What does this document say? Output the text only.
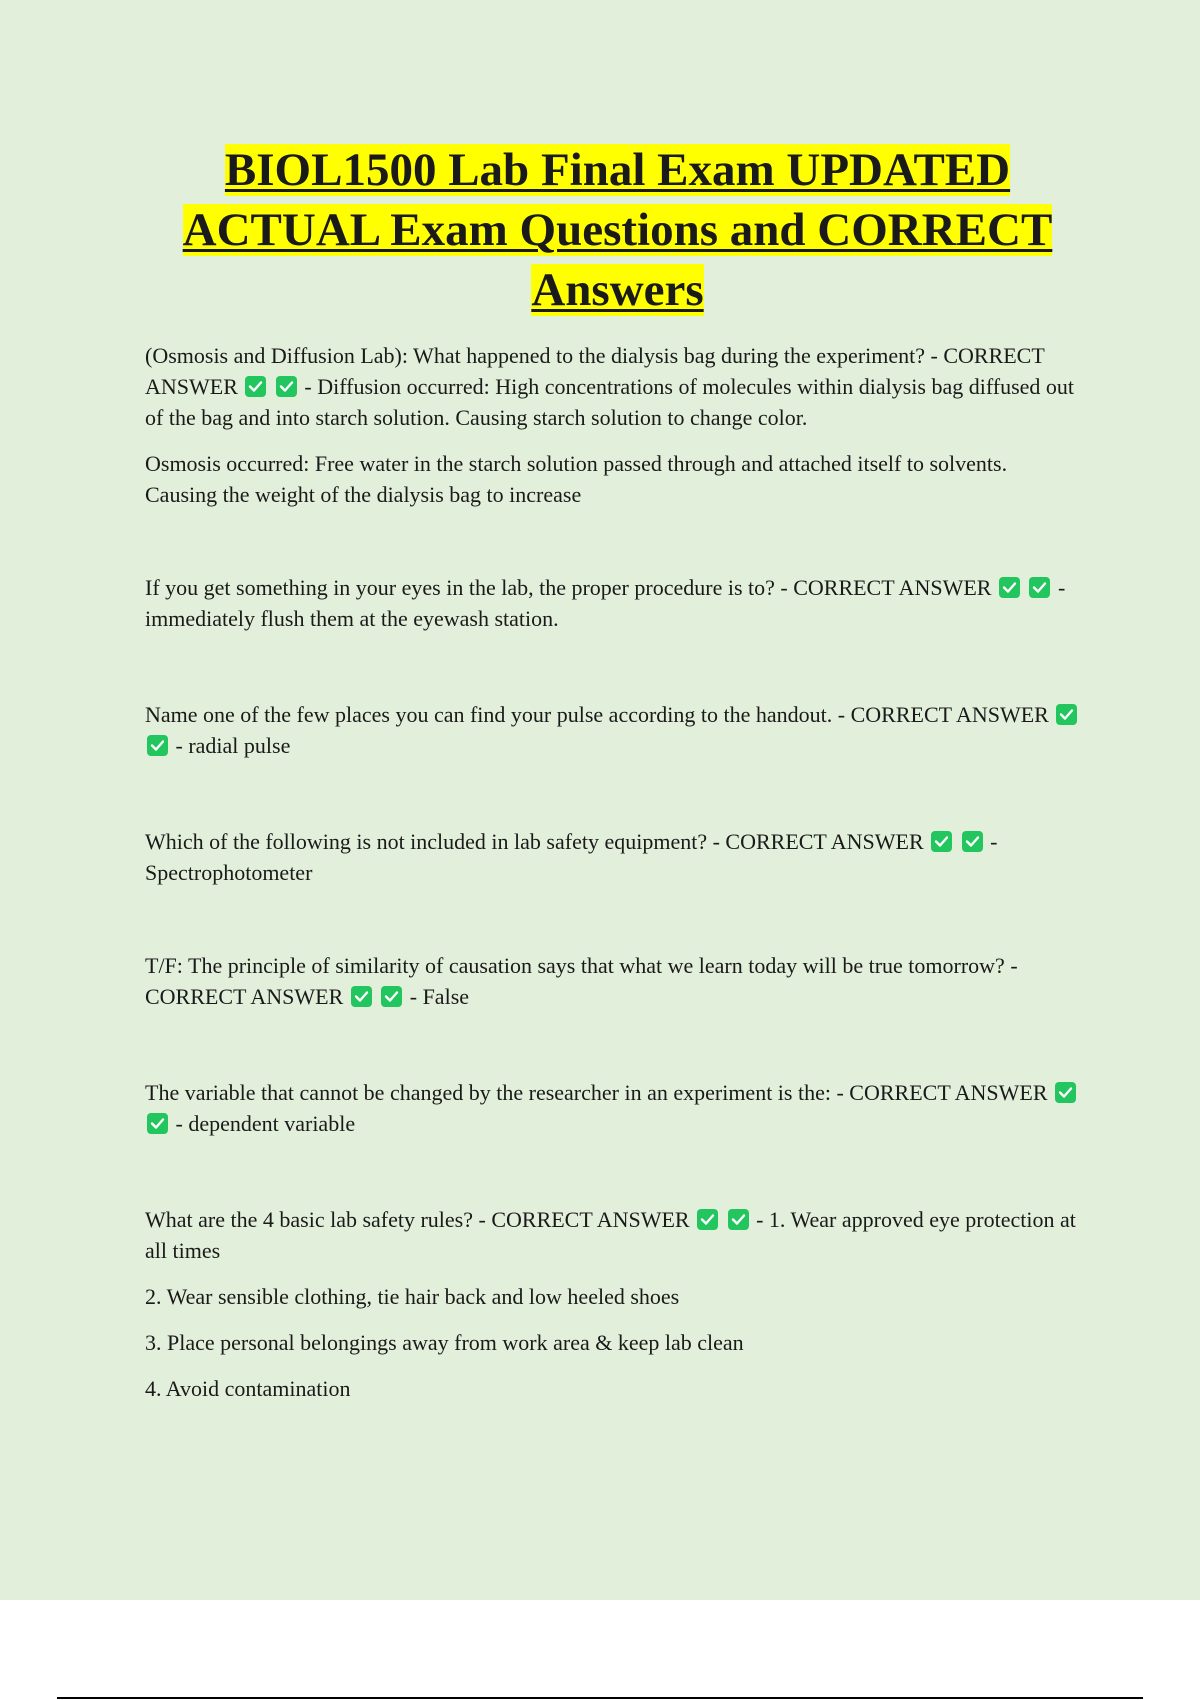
BIOL1500 Lab Final Exam UPDATED

ACTUAL Exam Questions and CORRECT

Answers

(Osmosis and Diffusion Lab): What happened to the dialysis bag during the experiment? - CORRECT ANSWER
	- Diffusion occurred: High concentrations of molecules within dialysis bag diffused out of the bag and into starch solution. Causing starch solution to change color.

Osmosis occurred: Free water in the starch solution passed through and attached itself to solvents. Causing the weight of the dialysis bag to increase

If you get something in your eyes in the lab, the proper procedure is to? - CORRECT ANSWER
	- immediately flush them at the eyewash station.

Name one of the few places you can find your pulse according to the handout. - CORRECT ANSWER

- radial pulse

Which of the following is not included in lab safety equipment? - CORRECT ANSWER
	- Spectrophotometer

T/F: The principle of similarity of causation says that what we learn today will be true tomorrow? - CORRECT ANSWER
	- False

The variable that cannot be changed by the researcher in an experiment is the: - CORRECT ANSWER

- dependent variable

What are the 4 basic lab safety rules? - CORRECT ANSWER
	- 1. Wear approved eye protection at all times

2. Wear sensible clothing, tie hair back and low heeled shoes

3. Place personal belongings away from work area & keep lab clean

4. Avoid contamination
